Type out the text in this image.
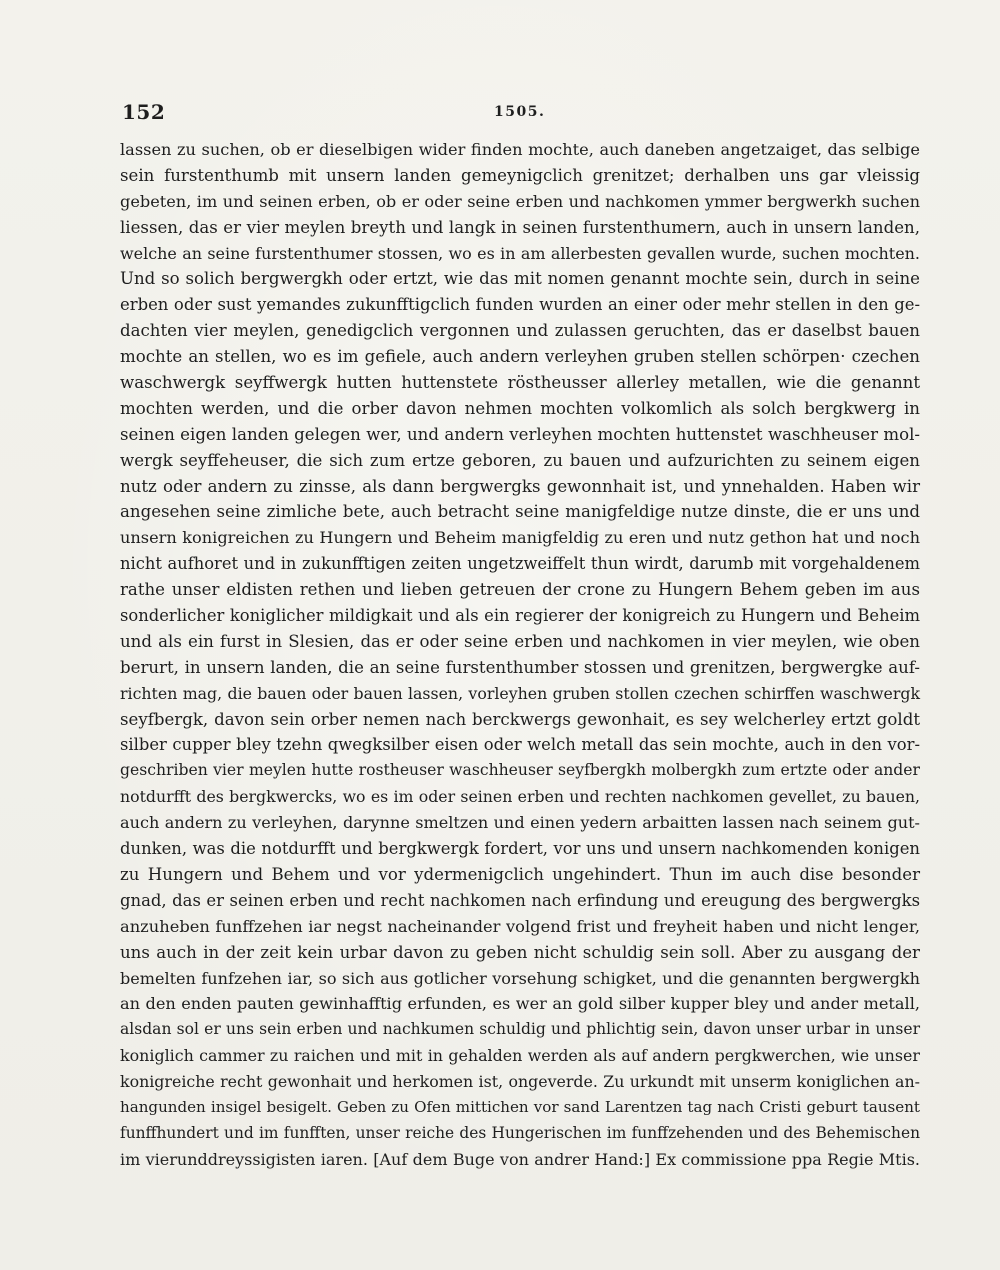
152	1505.
lassen zu suchen, ob er dieselbigen wider finden mochte, auch daneben angetzaiget, das selbige
sein furstenthumb mit unsern landen gemeynigclich grenitzet; derhalben uns gar vleissig
gebeten, im und seinen erben, ob er oder seine erben und nachkomen ymmer bergwerkh suchen
liessen, das er vier meylen breyth und langk in seinen furstenthumern, auch in unsern landen,
welche an seine furstenthumer stossen, wo es in am allerbesten gevallen wurde, suchen mochten.
Und so solich bergwergkh oder ertzt, wie das mit nomen genannt mochte sein, durch in seine
erben oder sust yemandes zukunfftigclich funden wurden an einer oder mehr stellen in den ge-
dachten vier meylen, genedigclich vergonnen und zulassen geruchten, das er daselbst bauen
mochte an stellen, wo es im gefiele, auch andern verleyhen gruben stellen schörpen· czechen
waschwergk seyffwergk hutten huttenstete röstheusser allerley metallen, wie die genannt
mochten werden, und die orber davon nehmen mochten volkomlich als solch bergkwerg in
seinen eigen landen gelegen wer, und andern verleyhen mochten huttenstet waschheuser mol-
wergk seyffeheuser, die sich zum ertze geboren, zu bauen und aufzurichten zu seinem eigen
nutz oder andern zu zinsse, als dann bergwergks gewonnhait ist, und ynnehalden. Haben wir
angesehen seine zimliche bete, auch betracht seine manigfeldige nutze dinste, die er uns und
unsern konigreichen zu Hungern und Beheim manigfeldig zu eren und nutz gethon hat und noch
nicht aufhoret und in zukunfftigen zeiten ungetzweiffelt thun wirdt, darumb mit vorgehaldenem
rathe unser eldisten rethen und lieben getreuen der crone zu Hungern Behem geben im aus
sonderlicher koniglicher mildigkait und als ein regierer der konigreich zu Hungern und Beheim
und als ein furst in Slesien, das er oder seine erben und nachkomen in vier meylen, wie oben
berurt, in unsern landen, die an seine furstenthumber stossen und grenitzen, bergwergke auf-
richten mag, die bauen oder bauen lassen, vorleyhen gruben stollen czechen schirffen waschwergk
seyfbergk, davon sein orber nemen nach berckwergs gewonhait, es sey welcherley ertzt goldt
silber cupper bley tzehn qwegksilber eisen oder welch metall das sein mochte, auch in den vor-
geschriben vier meylen hutte rostheuser waschheuser seyfbergkh molbergkh zum ertzte oder ander
notdurfft des bergkwercks, wo es im oder seinen erben und rechten nachkomen gevellet, zu bauen,
auch andern zu verleyhen, darynne smeltzen und einen yedern arbaitten lassen nach seinem gut-
dunken, was die notdurfft und bergkwergk fordert, vor uns und unsern nachkomenden konigen
zu Hungern und Behem und vor ydermenigclich ungehindert. Thun im auch dise besonder
gnad, das er seinen erben und recht nachkomen nach erfindung und ereugung des bergwergks
anzuheben funffzehen iar negst nacheinander volgend frist und freyheit haben und nicht lenger,
uns auch in der zeit kein urbar davon zu geben nicht schuldig sein soll. Aber zu ausgang der
bemelten funfzehen iar, so sich aus gotlicher vorsehung schigket, und die genannten bergwergkh
an den enden pauten gewinhafftig erfunden, es wer an gold silber kupper bley und ander metall,
alsdan sol er uns sein erben und nachkumen schuldig und phlichtig sein, davon unser urbar in unser
koniglich cammer zu raichen und mit in gehalden werden als auf andern pergkwerchen, wie unser
konigreiche recht gewonhait und herkomen ist, ongeverde. Zu urkundt mit unserm koniglichen an-
hangunden insigel besigelt. Geben zu Ofen mittichen vor sand Larentzen tag nach Cristi geburt tausent
funffhundert und im funfften, unser reiche des Hungerischen im funffzehenden und des Behemischen
im vierunddreyssigisten iaren. [Auf dem Buge von andrer Hand:] Ex commissione ppa Regie Mtis.
